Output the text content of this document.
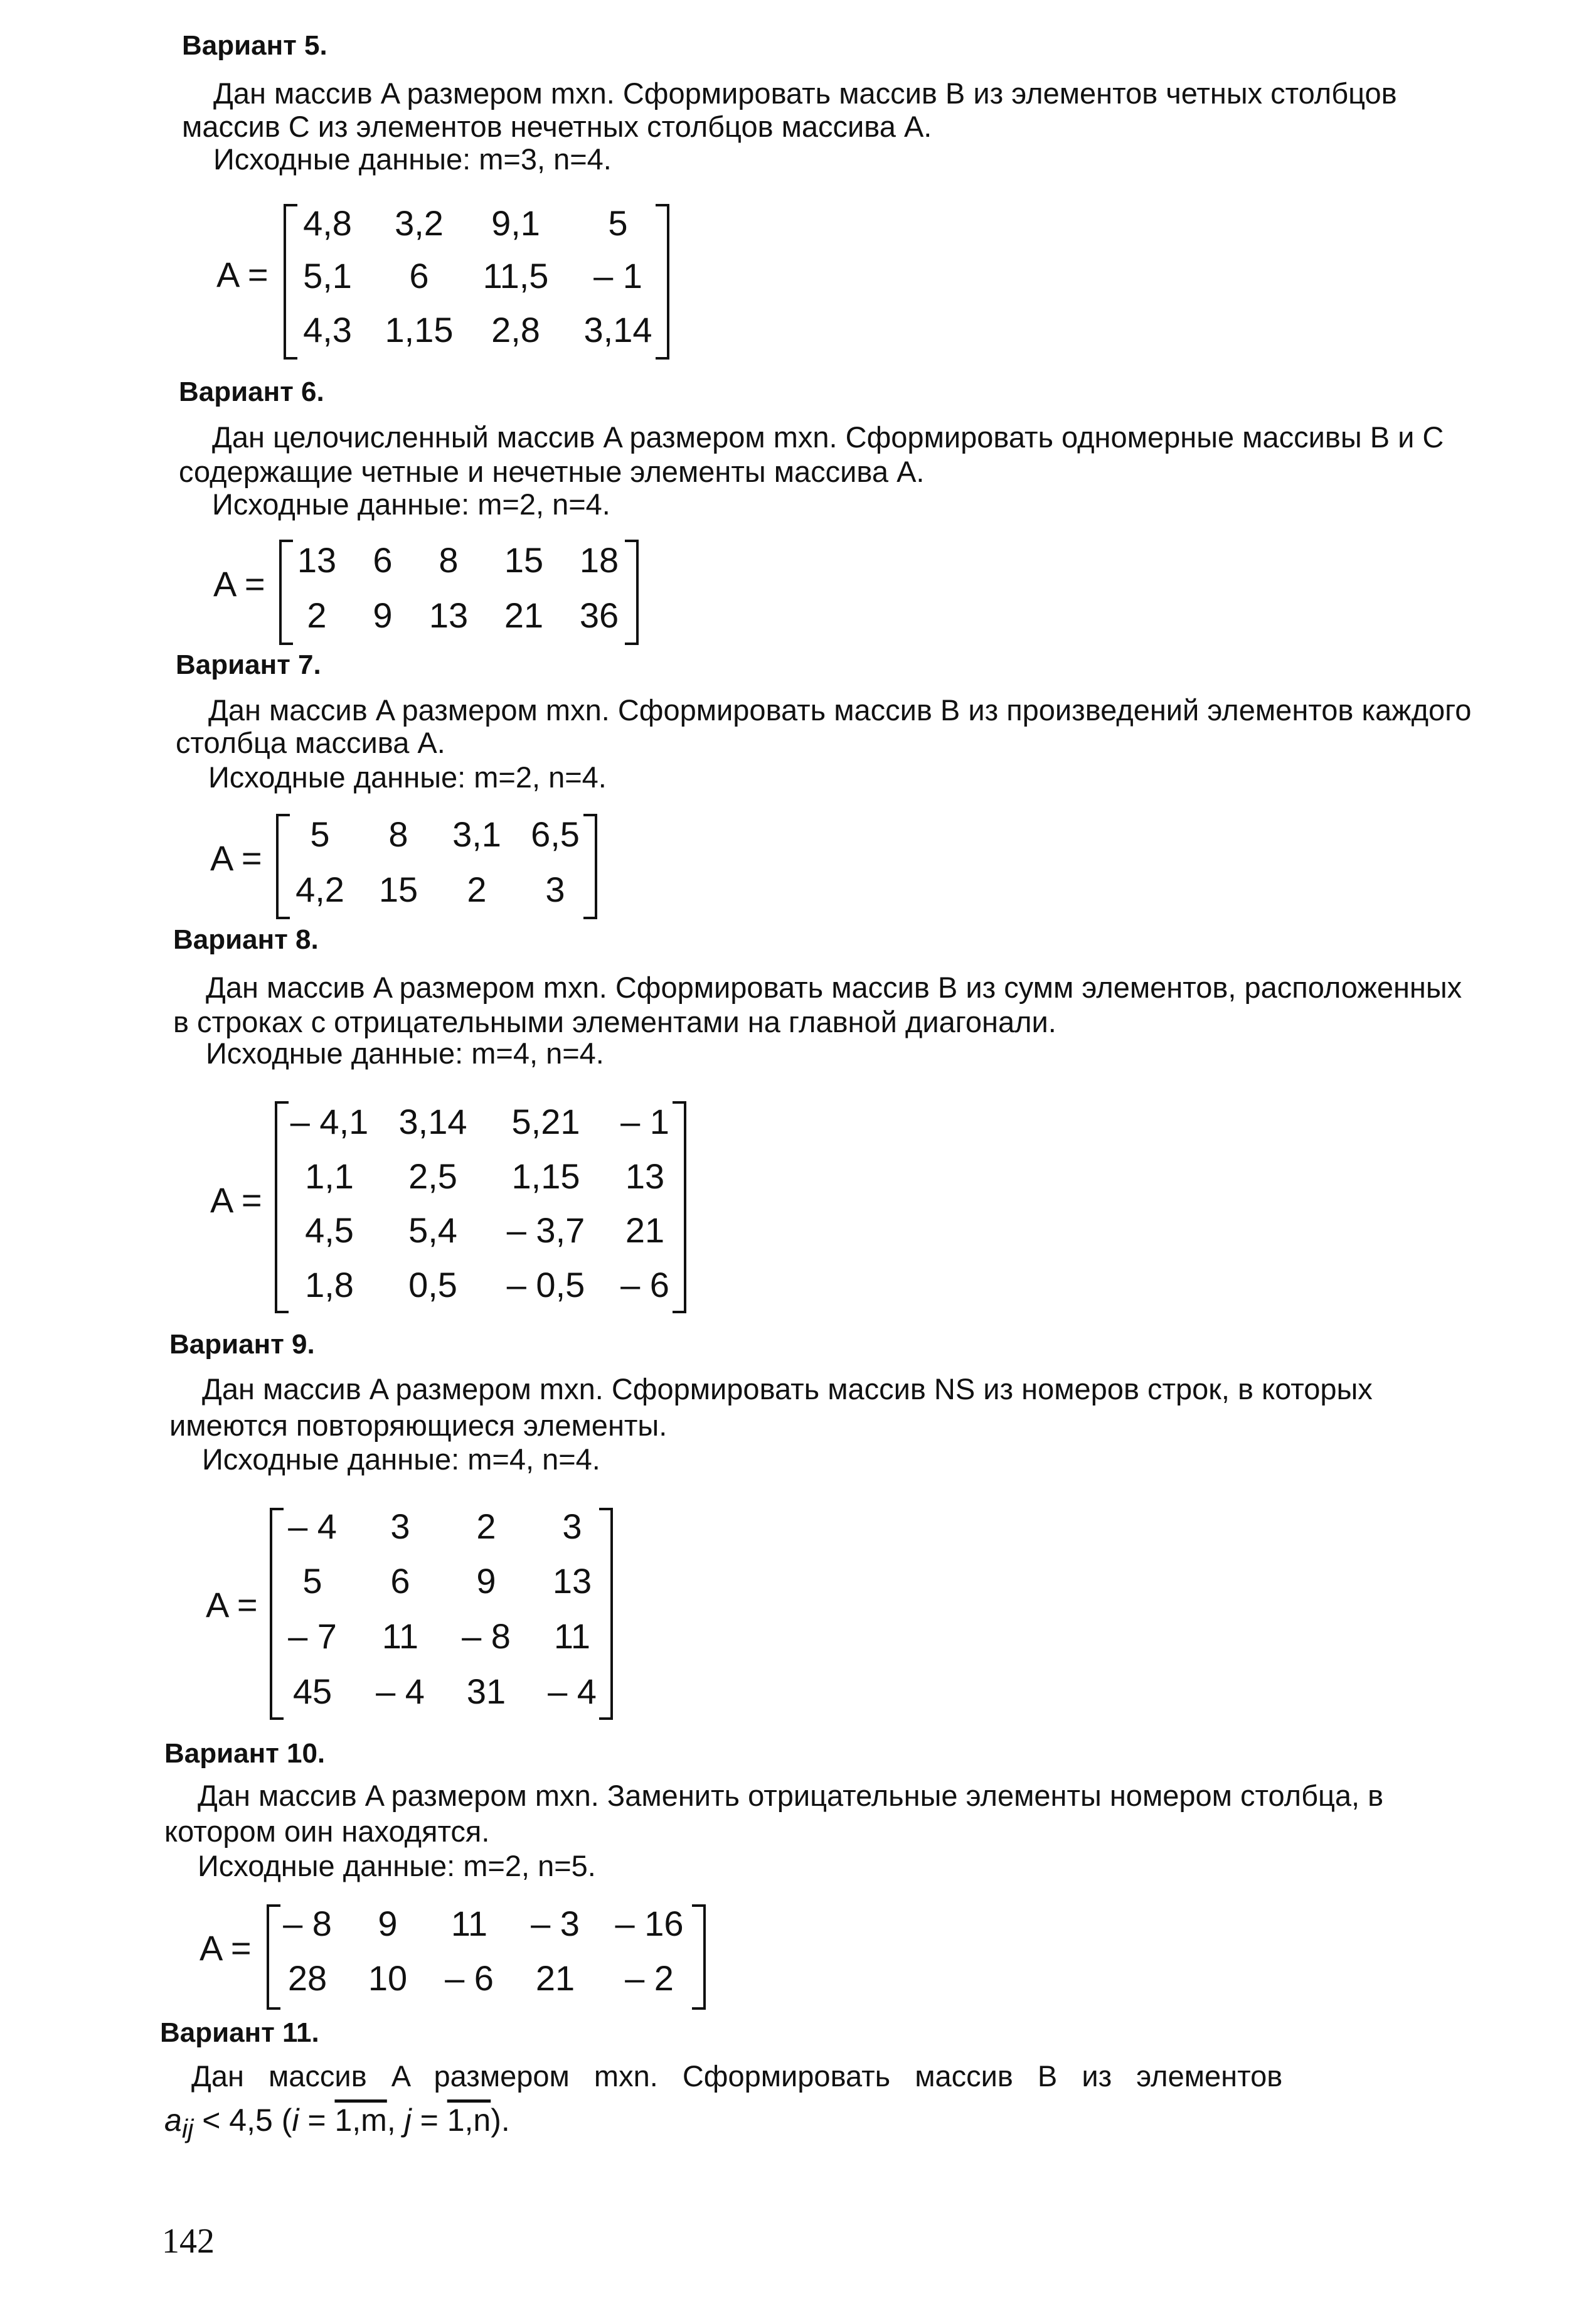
Вариант 5.
Дан массив A размером mxn. Сформировать массив B из элементов четных столбцов
массив C из элементов нечетных столбцов массива A.
Исходные данные: m=3, n=4.
A =
4,8 3,2 9,1 5
5,1 6 11,5 – 1
4,3 1,15 2,8 3,14
Вариант 6.
Дан целочисленный массив A размером mxn. Сформировать одномерные массивы B и C
содержащие четные и нечетные элементы массива A.
Исходные данные: m=2, n=4.
A =
13 6 8 15 18
2 9 13 21 36
Вариант 7.
Дан массив A размером mxn. Сформировать массив B из произведений элементов каждого
столбца массива A.
Исходные данные: m=2, n=4.
A =
5 8 3,1 6,5
4,2 15 2 3
Вариант 8.
Дан массив A размером mxn. Сформировать массив B из сумм элементов, расположенных
в строках с отрицательными элементами на главной диагонали.
Исходные данные: m=4, n=4.
A =
– 4,1 3,14 5,21 – 1
1,1 2,5 1,15 13
4,5 5,4 – 3,7 21
1,8 0,5 – 0,5 – 6
Вариант 9.
Дан массив A размером mxn. Сформировать массив NS из номеров строк, в которых
имеются повторяющиеся элементы.
Исходные данные: m=4, n=4.
A =
– 4 3 2 3
5 6 9 13
– 7 11 – 8 11
45 – 4 31 – 4
Вариант 10.
Дан массив A размером mxn. Заменить отрицательные элементы номером столбца, в
котором оин находятся.
Исходные данные: m=2, n=5.
A =
– 8 9 11 – 3 – 16
28 10 – 6 21 – 2
Вариант 11.
Дан массив A размером mxn. Сформировать массив B из элементов
$a_{ij} < 4,5$ (i = 1,m, j = 1,n).
142
